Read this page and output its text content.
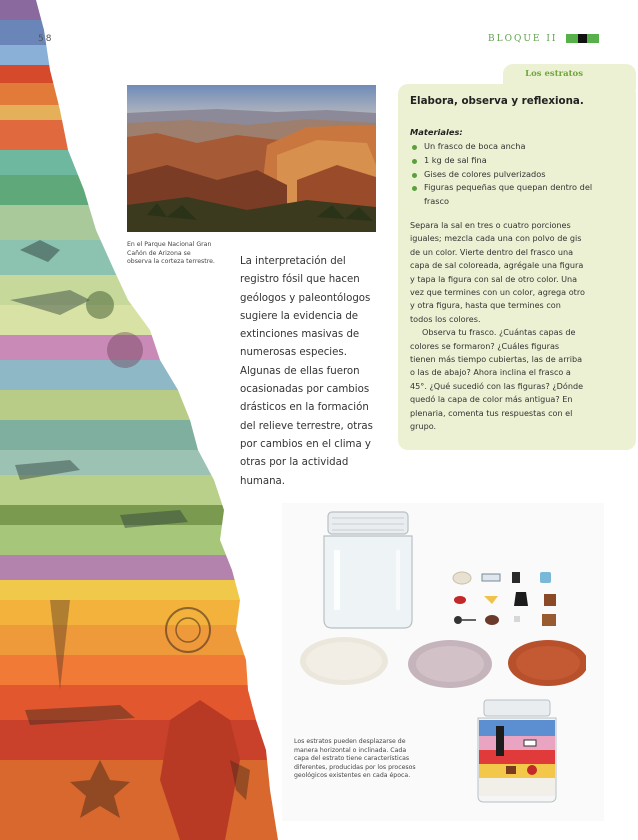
58	BLOQUE II
En el Parque Nacional Gran Cañón de Arizona se observa la corteza terrestre. La interpretación del registro fósil que hacen geólogos y paleontólogos sugiere la evidencia de extinciones masivas de numerosas especies. Algunas de ellas fueron ocasionadas por cambios drásticos en la formación del relieve terrestre, otras por cambios en el clima y otras por la actividad humana.
Los estratos
Elabora, observa y reflexiona.
Materiales:
Un frasco de boca ancha
1 kg de sal fina
Gises de colores pulverizados
Figuras pequeñas que quepan dentro del frasco

Separa la sal en tres o cuatro porciones iguales; mezcla cada una con polvo de gis de un color. Vierte dentro del frasco una capa de sal coloreada, agrégale una figura y tapa la figura con sal de otro color. Una vez que termines con un color, agrega otro y otra figura, hasta que termines con todos los colores.

Observa tu frasco. ¿Cuántas capas de colores se formaron? ¿Cuáles figuras tienen más tiempo cubiertas, las de arriba o las de abajo? Ahora inclina el frasco a 45°. ¿Qué sucedió con las figuras? ¿Dónde quedó la capa de color más antigua? En plenaria, comenta tus respuestas con el grupo.

Los estratos pueden desplazarse de manera horizontal o inclinada. Cada capa del estrato tiene características diferentes, producidas por los procesos geológicos existentes en cada época.
